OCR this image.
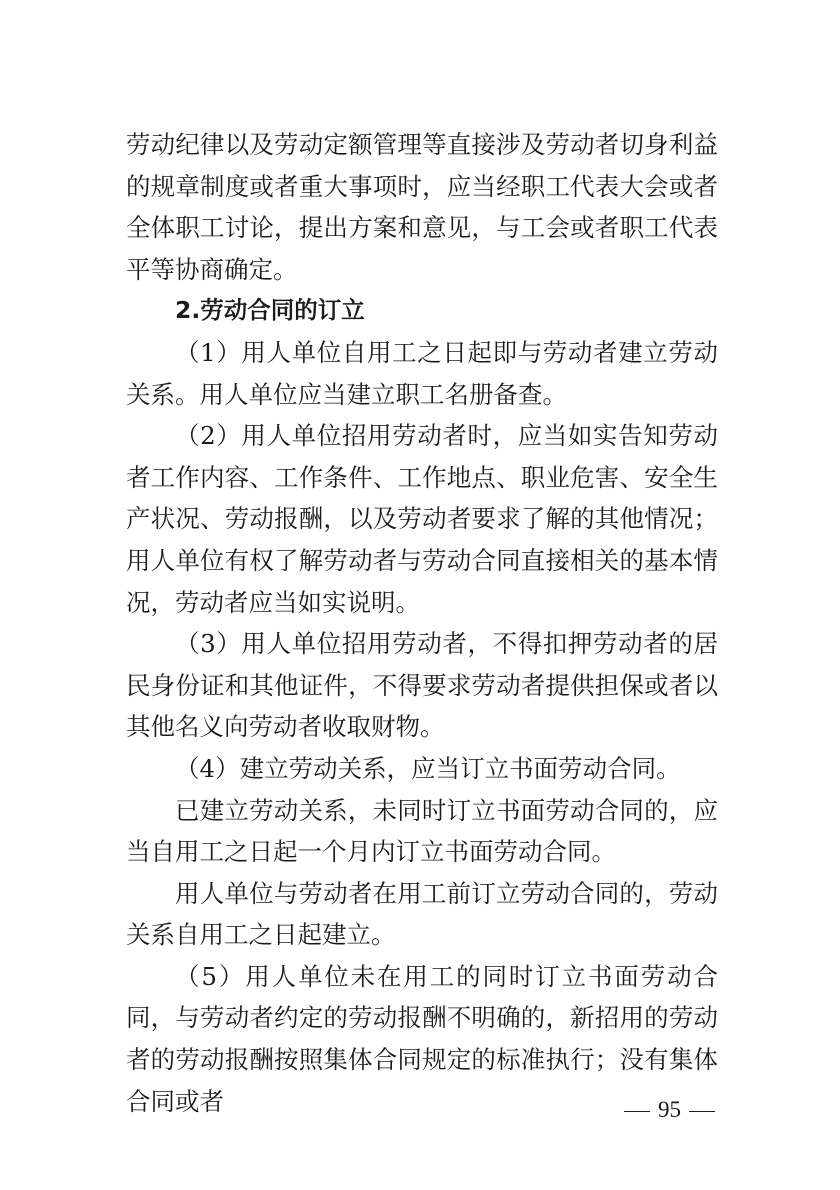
劳动纪律以及劳动定额管理等直接涉及劳动者切身利益的规章制度或者重大事项时，应当经职工代表大会或者全体职工讨论，提出方案和意见，与工会或者职工代表平等协商确定。

2.劳动合同的订立

（1）用人单位自用工之日起即与劳动者建立劳动关系。用人单位应当建立职工名册备查。

（2）用人单位招用劳动者时，应当如实告知劳动者工作内容、工作条件、工作地点、职业危害、安全生产状况、劳动报酬，以及劳动者要求了解的其他情况；用人单位有权了解劳动者与劳动合同直接相关的基本情况，劳动者应当如实说明。

（3）用人单位招用劳动者，不得扣押劳动者的居民身份证和其他证件，不得要求劳动者提供担保或者以其他名义向劳动者收取财物。

（4）建立劳动关系，应当订立书面劳动合同。

已建立劳动关系，未同时订立书面劳动合同的，应当自用工之日起一个月内订立书面劳动合同。

用人单位与劳动者在用工前订立劳动合同的，劳动关系自用工之日起建立。

（5）用人单位未在用工的同时订立书面劳动合同，与劳动者约定的劳动报酬不明确的，新招用的劳动者的劳动报酬按照集体合同规定的标准执行；没有集体合同或者	95
